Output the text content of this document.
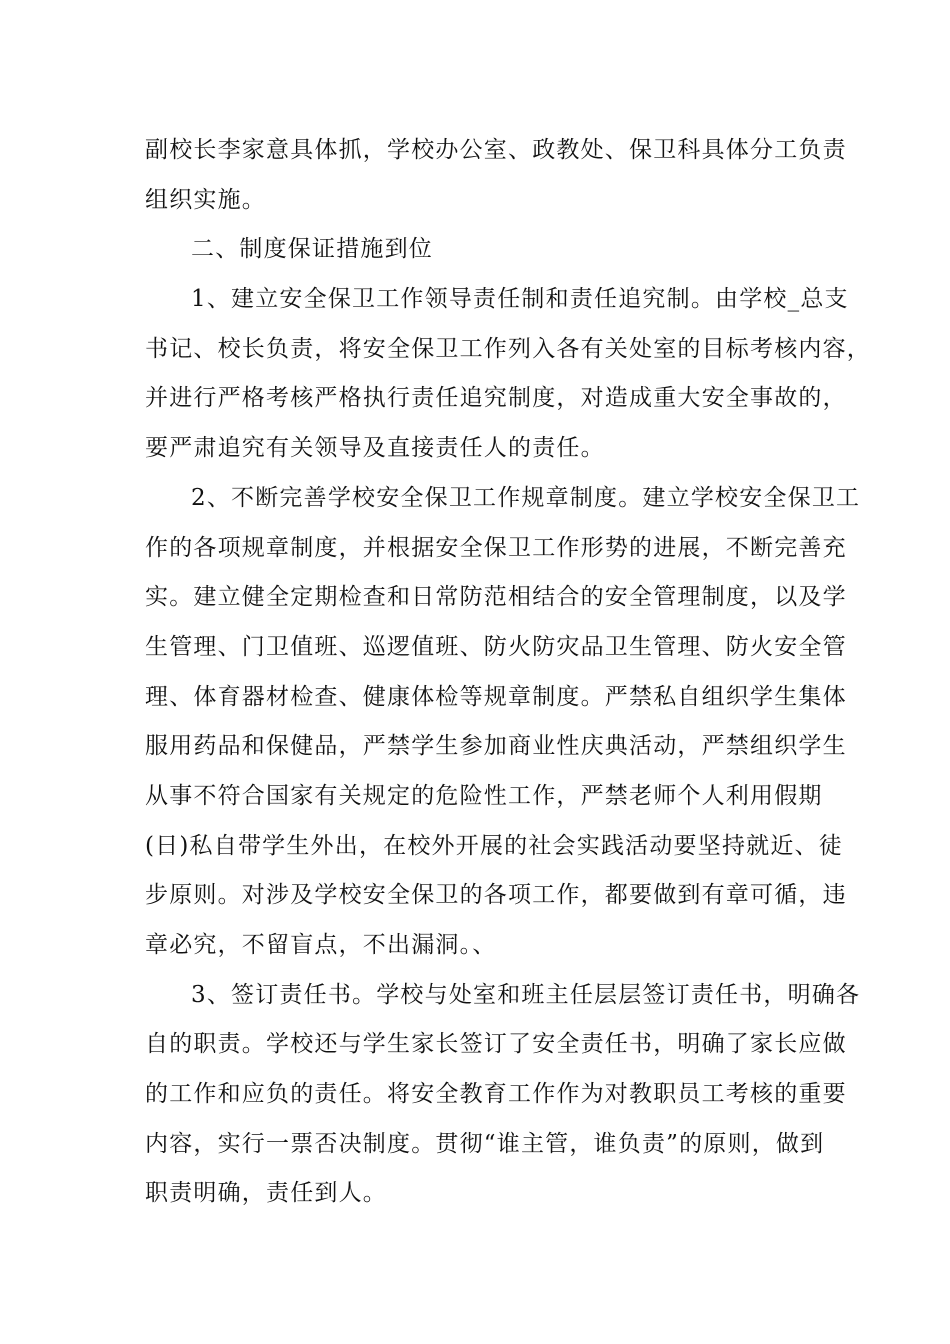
副校长李家意具体抓，学校办公室、政教处、保卫科具体分工负责

组织实施。

二、制度保证措施到位

1、建立安全保卫工作领导责任制和责任追究制。由学校_总支

书记、校长负责，将安全保卫工作列入各有关处室的目标考核内容，

并进行严格考核严格执行责任追究制度，对造成重大安全事故的，

要严肃追究有关领导及直接责任人的责任。

2、不断完善学校安全保卫工作规章制度。建立学校安全保卫工

作的各项规章制度，并根据安全保卫工作形势的进展，不断完善充

实。建立健全定期检查和日常防范相结合的安全管理制度，以及学

生管理、门卫值班、巡逻值班、防火防灾品卫生管理、防火安全管

理、体育器材检查、健康体检等规章制度。严禁私自组织学生集体

服用药品和保健品，严禁学生参加商业性庆典活动，严禁组织学生

从事不符合国家有关规定的危险性工作，严禁老师个人利用假期

(日)私自带学生外出，在校外开展的社会实践活动要坚持就近、徒

步原则。对涉及学校安全保卫的各项工作，都要做到有章可循，违

章必究，不留盲点，不出漏洞。、

3、签订责任书。学校与处室和班主任层层签订责任书，明确各

自的职责。学校还与学生家长签订了安全责任书，明确了家长应做

的工作和应负的责任。将安全教育工作作为对教职员工考核的重要

内容，实行一票否决制度。贯彻“谁主管，谁负责”的原则，做到

职责明确，责任到人。
